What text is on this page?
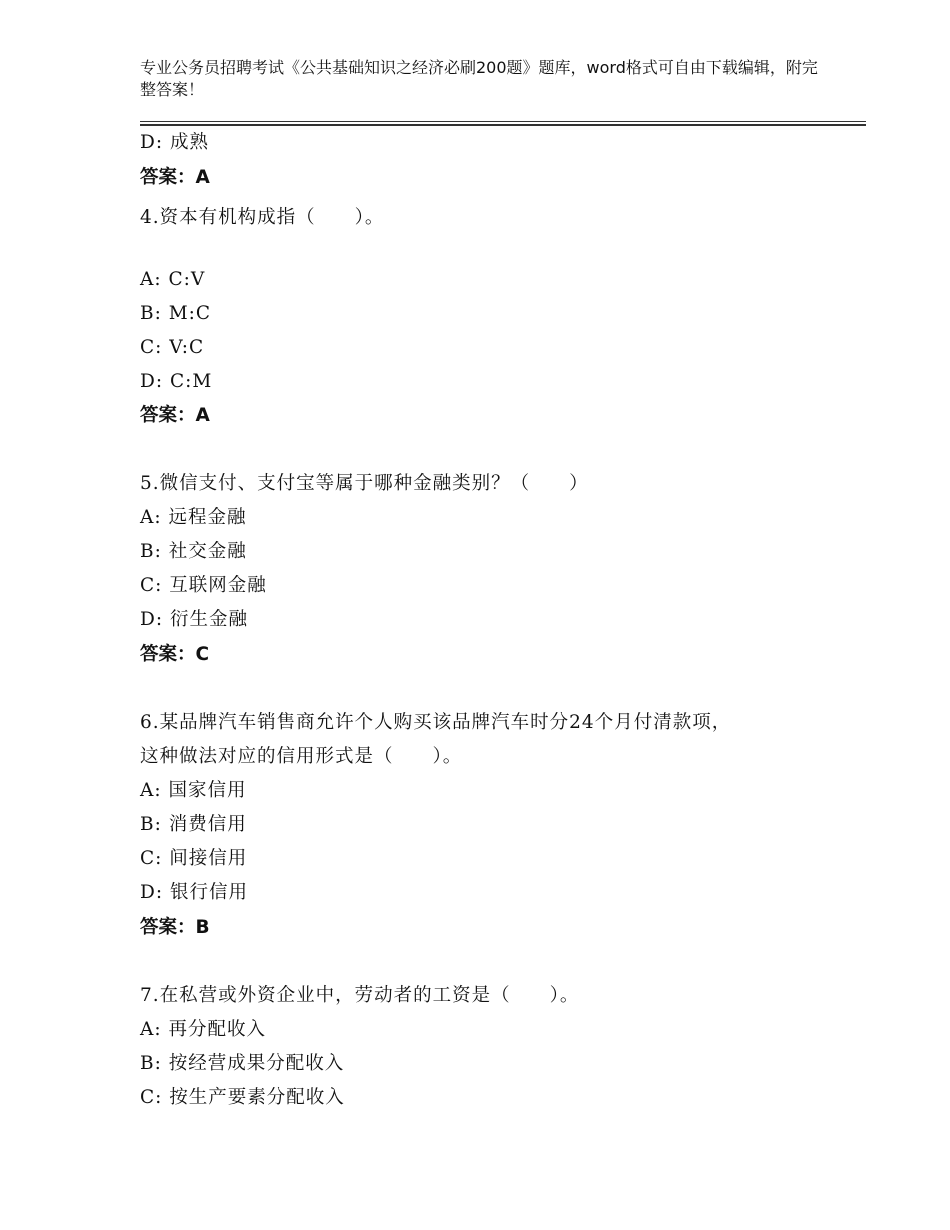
专业公务员招聘考试《公共基础知识之经济必刷200题》题库，word格式可自由下载编辑，附完整答案！
D: 成熟
答案：A
4.资本有机构成指（　　）。
A: C:V
B: M:C
C: V:C
D: C:M
答案：A
5.微信支付、支付宝等属于哪种金融类别？（　　）
A: 远程金融
B: 社交金融
C: 互联网金融
D: 衍生金融
答案：C
6.某品牌汽车销售商允许个人购买该品牌汽车时分24个月付清款项，
这种做法对应的信用形式是（　　）。
A: 国家信用
B: 消费信用
C: 间接信用
D: 银行信用
答案：B
7.在私营或外资企业中，劳动者的工资是（　　）。
A: 再分配收入
B: 按经营成果分配收入
C: 按生产要素分配收入
